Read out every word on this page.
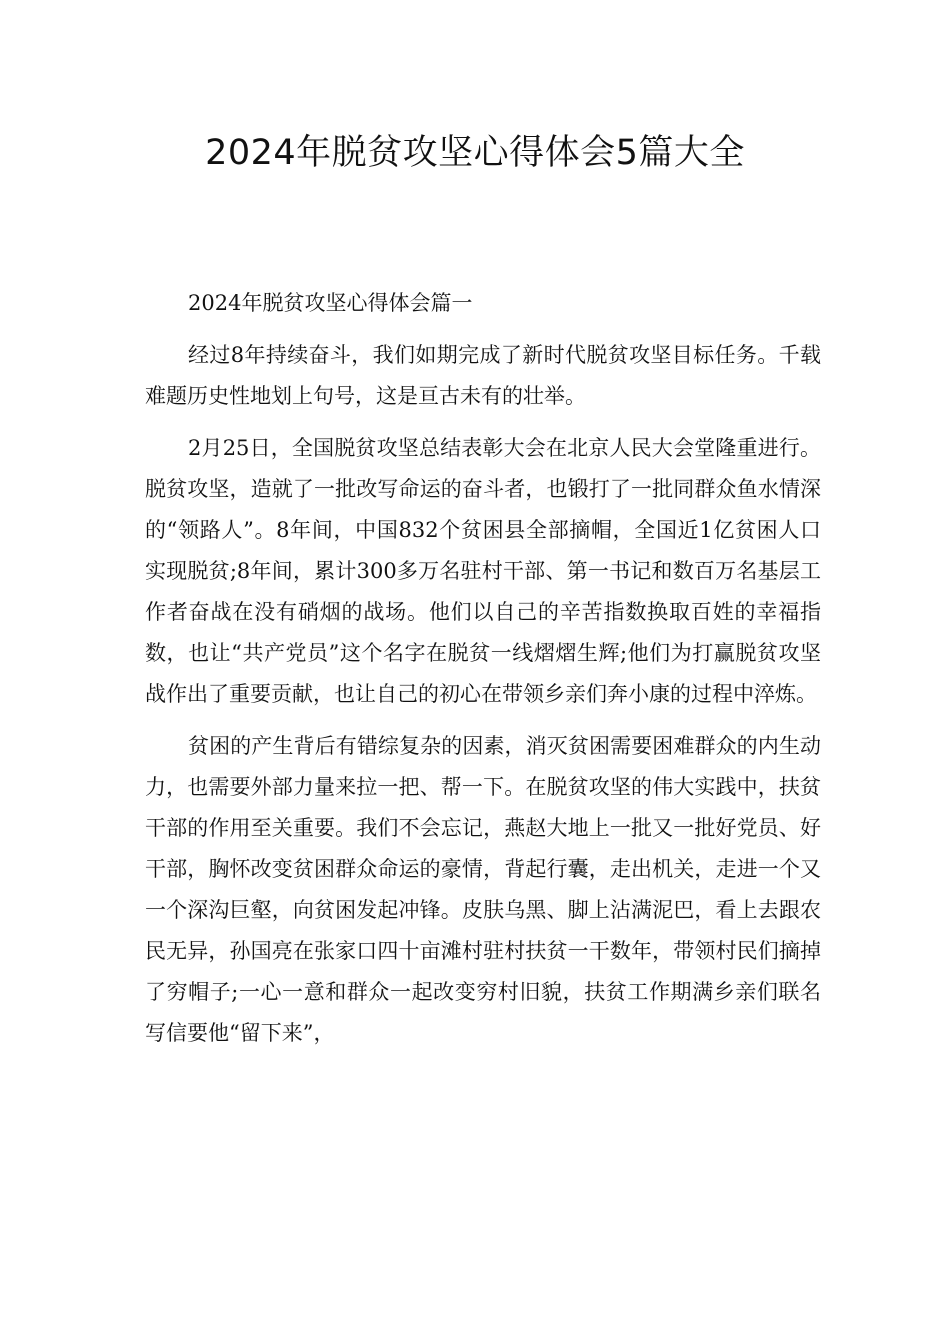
2024年脱贫攻坚心得体会5篇大全

2024年脱贫攻坚心得体会篇一

经过8年持续奋斗，我们如期完成了新时代脱贫攻坚目标任务。千载难题历史性地划上句号，这是亘古未有的壮举。

2月25日，全国脱贫攻坚总结表彰大会在北京人民大会堂隆重进行。脱贫攻坚，造就了一批改写命运的奋斗者，也锻打了一批同群众鱼水情深的“领路人”。8年间，中国832个贫困县全部摘帽，全国近1亿贫困人口实现脱贫;8年间，累计300多万名驻村干部、第一书记和数百万名基层工作者奋战在没有硝烟的战场。他们以自己的辛苦指数换取百姓的幸福指数，也让“共产党员”这个名字在脱贫一线熠熠生辉;他们为打赢脱贫攻坚战作出了重要贡献，也让自己的初心在带领乡亲们奔小康的过程中淬炼。

贫困的产生背后有错综复杂的因素，消灭贫困需要困难群众的内生动力，也需要外部力量来拉一把、帮一下。在脱贫攻坚的伟大实践中，扶贫干部的作用至关重要。我们不会忘记，燕赵大地上一批又一批好党员、好干部，胸怀改变贫困群众命运的豪情，背起行囊，走出机关，走进一个又一个深沟巨壑，向贫困发起冲锋。皮肤乌黑、脚上沾满泥巴，看上去跟农民无异，孙国亮在张家口四十亩滩村驻村扶贫一干数年，带领村民们摘掉了穷帽子;一心一意和群众一起改变穷村旧貌，扶贫工作期满乡亲们联名写信要他“留下来”，
